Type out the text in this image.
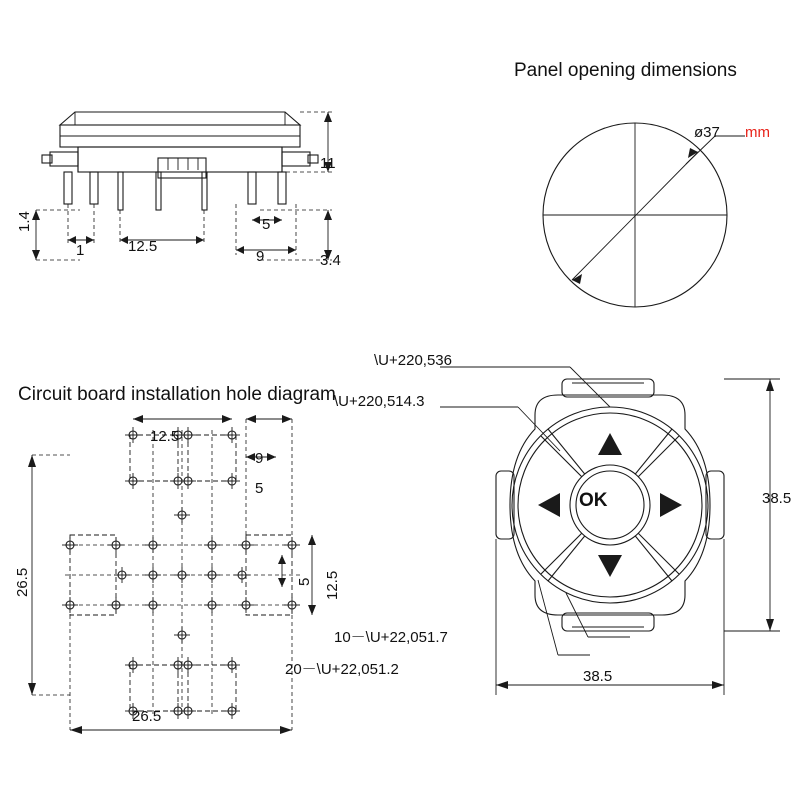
Panel opening dimensions
ø37 mm
11
3.4
1.4
1	12.5
5
9
Circuit board installation hole diagram
12.5
9
5
26.5
26.5
12.5
5
OK
\U+220,536
\U+220,514.3
10－\U+22,051.7
20－\U+22,051.2
38.5
38.5
